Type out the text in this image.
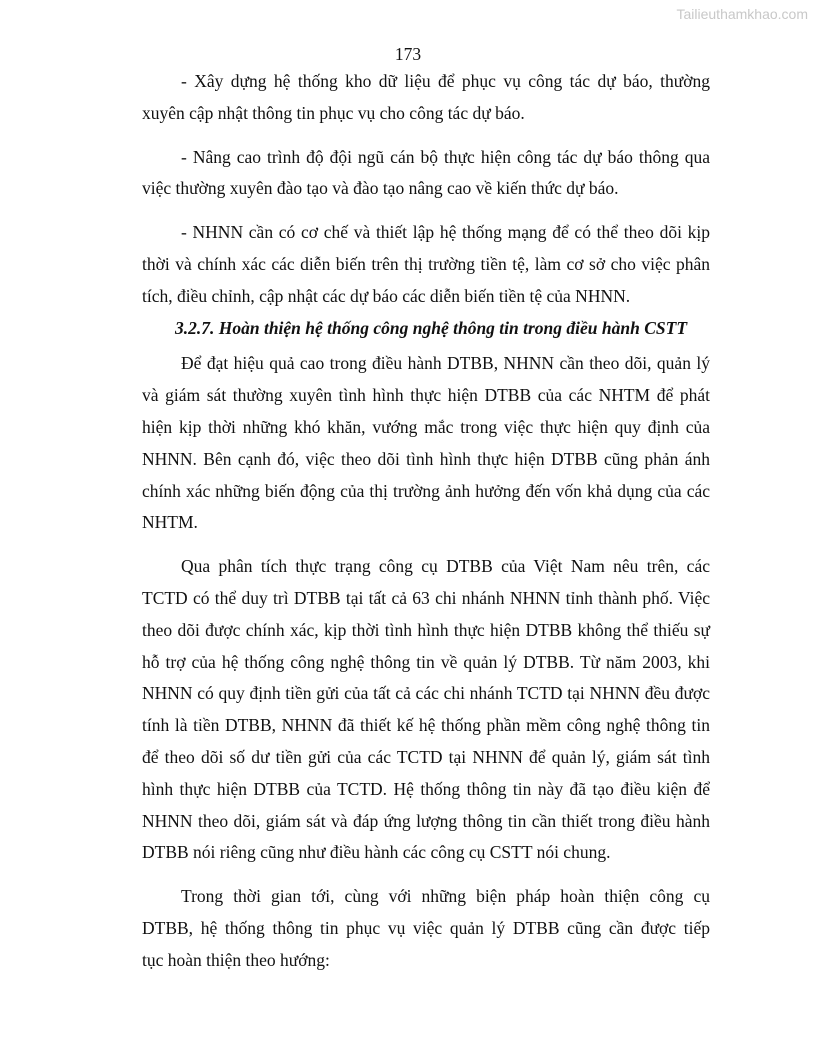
Tailieuthamkhao.com
173
- Xây dựng hệ thống kho dữ liệu để phục vụ công tác dự báo, thường
xuyên cập nhật thông tin phục vụ cho công tác dự báo.
- Nâng cao trình độ đội ngũ cán bộ thực hiện công tác dự báo thông qua
việc thường xuyên đào tạo và đào tạo nâng cao về kiến thức dự báo.
- NHNN cần có cơ chế và thiết lập hệ thống mạng để có thể theo dõi kịp
thời và chính xác các diễn biến trên thị trường tiền tệ, làm cơ sở cho việc phân
tích, điều chỉnh, cập nhật các dự báo các diễn biến tiền tệ của NHNN.
3.2.7. Hoàn thiện hệ thống công nghệ thông tin trong điều hành CSTT
Để đạt hiệu quả cao trong điều hành DTBB, NHNN cần theo dõi, quản lý
và giám sát thường xuyên tình hình thực hiện DTBB của các NHTM để phát
hiện kịp thời những khó khăn, vướng mắc trong việc thực hiện quy định của
NHNN. Bên cạnh đó, việc theo dõi tình hình thực hiện DTBB cũng phản ánh
chính xác những biến động của thị trường ảnh hưởng đến vốn khả dụng của các
NHTM.
Qua phân tích thực trạng công cụ DTBB của Việt Nam nêu trên, các
TCTD có thể duy trì DTBB tại tất cả 63 chi nhánh NHNN tỉnh thành phố. Việc
theo dõi được chính xác, kịp thời tình hình thực hiện DTBB không thể thiếu sự
hỗ trợ của hệ thống công nghệ thông tin về quản lý DTBB. Từ năm 2003, khi
NHNN có quy định tiền gửi của tất cả các chi nhánh TCTD tại NHNN đều được
tính là tiền DTBB, NHNN đã thiết kế hệ thống phần mềm công nghệ thông tin
để theo dõi số dư tiền gửi của các TCTD tại NHNN để quản lý, giám sát tình
hình thực hiện DTBB của TCTD. Hệ thống thông tin này đã tạo điều kiện để
NHNN theo dõi, giám sát và đáp ứng lượng thông tin cần thiết trong điều hành
DTBB nói riêng cũng như điều hành các công cụ CSTT nói chung.
Trong thời gian tới, cùng với những biện pháp hoàn thiện công cụ
DTBB, hệ thống thông tin phục vụ việc quản lý DTBB cũng cần được tiếp
tục hoàn thiện theo hướng:
